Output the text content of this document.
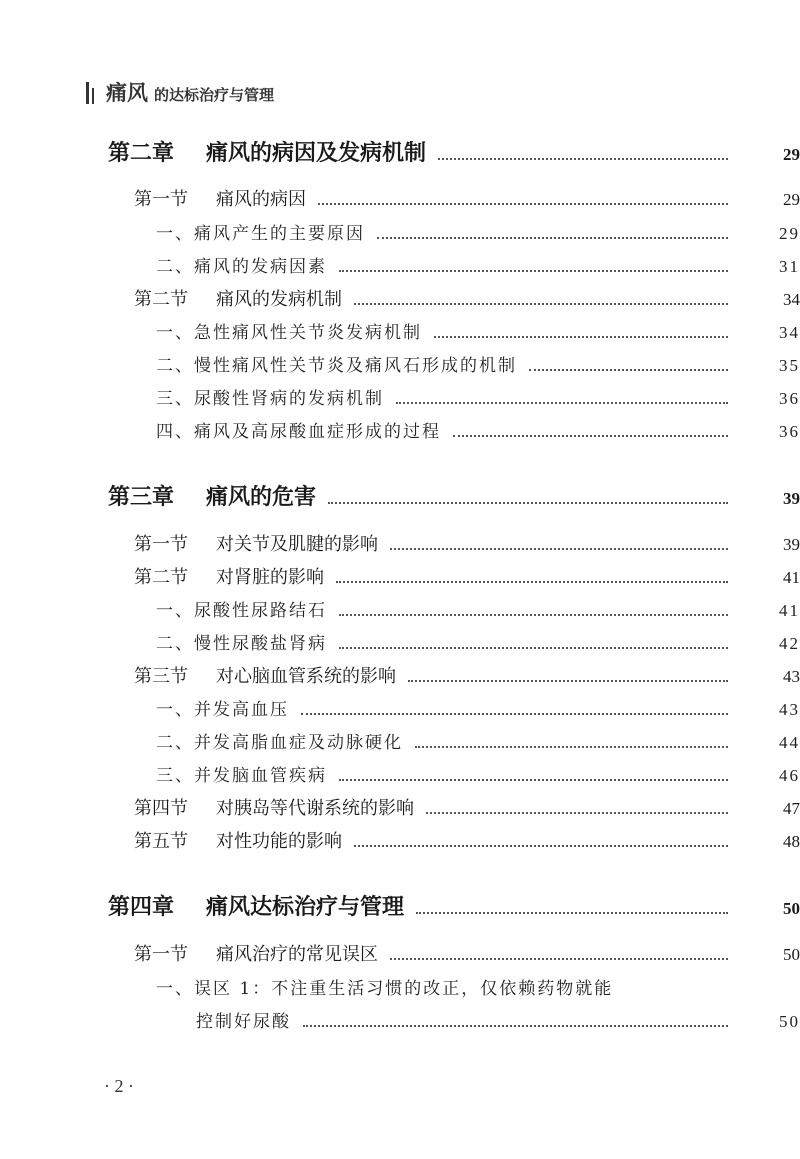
痛风 的达标治疗与管理
第二章	痛风的病因及发病机制	29
第一节	痛风的病因	29
一、 痛风产生的主要原因	29
二、 痛风的发病因素	31
第二节	痛风的发病机制	34
一、 急性痛风性关节炎发病机制	34
二、 慢性痛风性关节炎及痛风石形成的机制	35
三、 尿酸性肾病的发病机制	36
四、 痛风及高尿酸血症形成的过程	36
第三章	痛风的危害	39
第一节	对关节及肌腱的影响	39
第二节	对肾脏的影响	41
一、 尿酸性尿路结石	41
二、 慢性尿酸盐肾病	42
第三节	对心脑血管系统的影响	43
一、 并发高血压	43
二、 并发高脂血症及动脉硬化	44
三、 并发脑血管疾病	46
第四节	对胰岛等代谢系统的影响	47
第五节	对性功能的影响	48
第四章	痛风达标治疗与管理	50
第一节	痛风治疗的常见误区	50
一、 误区 1：不注重生活习惯的改正，仅依赖药物就能
控制好尿酸	50
· 2 ·
